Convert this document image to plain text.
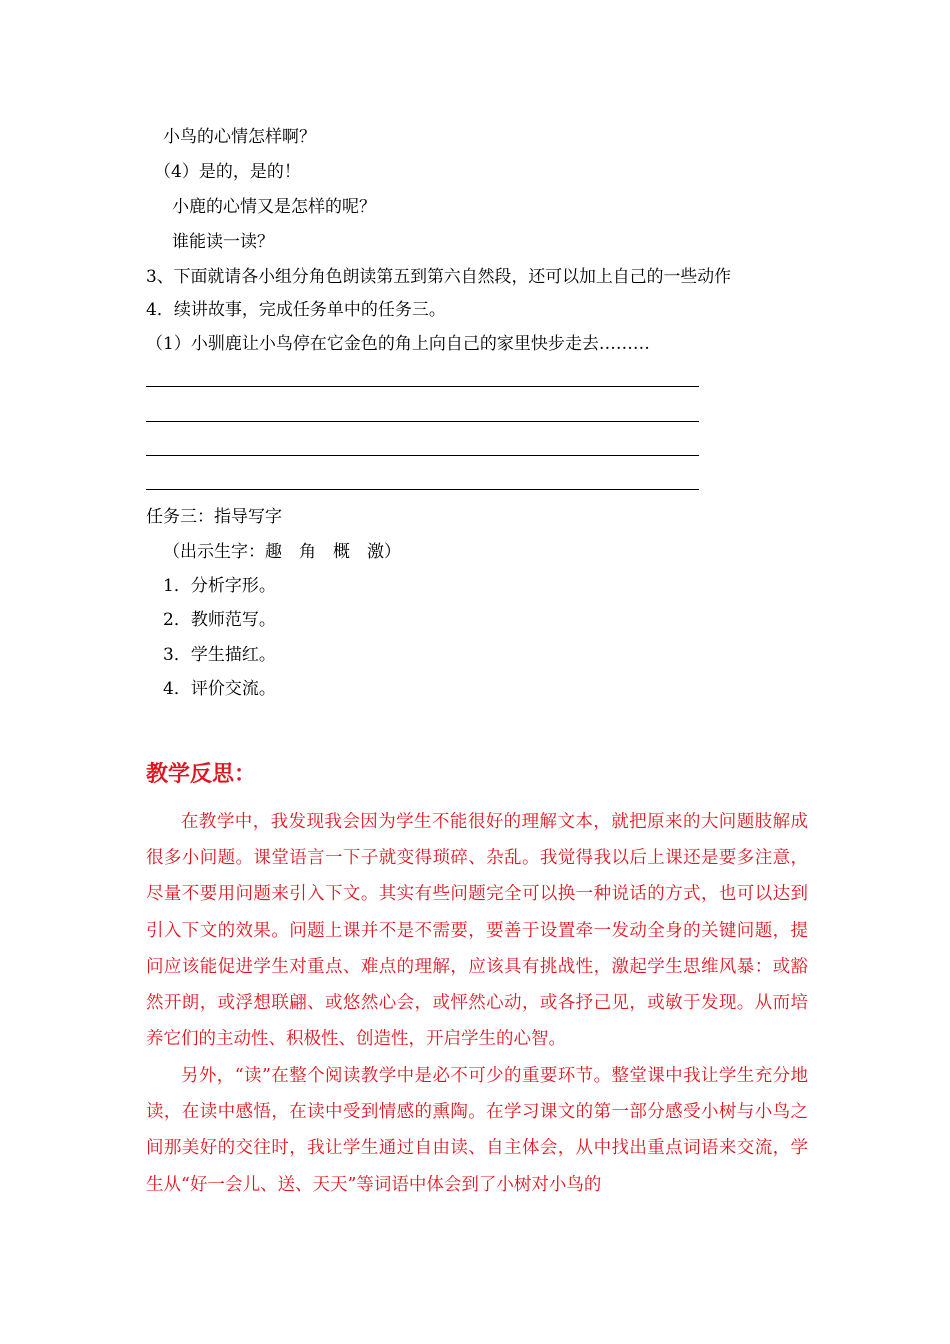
小鸟的心情怎样啊？
（4）是的，是的！
小鹿的心情又是怎样的呢？
谁能读一读？
3、下面就请各小组分角色朗读第五到第六自然段，还可以加上自己的一些动作
4．续讲故事，完成任务单中的任务三。
（1）小驯鹿让小鸟停在它金色的角上向自己的家里快步走去………
任务三：指导写字
（出示生字：趣　角　概　激）
1．分析字形。
2．教师范写。
3．学生描红。
4．评价交流。
教学反思：
在教学中，我发现我会因为学生不能很好的理解文本，就把原来的大问题肢解成很多小问题。课堂语言一下子就变得琐碎、杂乱。我觉得我以后上课还是要多注意，尽量不要用问题来引入下文。其实有些问题完全可以换一种说话的方式，也可以达到引入下文的效果。问题上课并不是不需要，要善于设置牵一发动全身的关键问题，提问应该能促进学生对重点、难点的理解，应该具有挑战性，激起学生思维风暴：或豁然开朗，或浮想联翩、或悠然心会，或怦然心动，或各抒己见，或敏于发现。从而培养它们的主动性、积极性、创造性，开启学生的心智。
另外，“读”在整个阅读教学中是必不可少的重要环节。整堂课中我让学生充分地读，在读中感悟，在读中受到情感的熏陶。在学习课文的第一部分感受小树与小鸟之间那美好的交往时，我让学生通过自由读、自主体会，从中找出重点词语来交流，学生从“好一会儿、送、天天”等词语中体会到了小树对小鸟的
